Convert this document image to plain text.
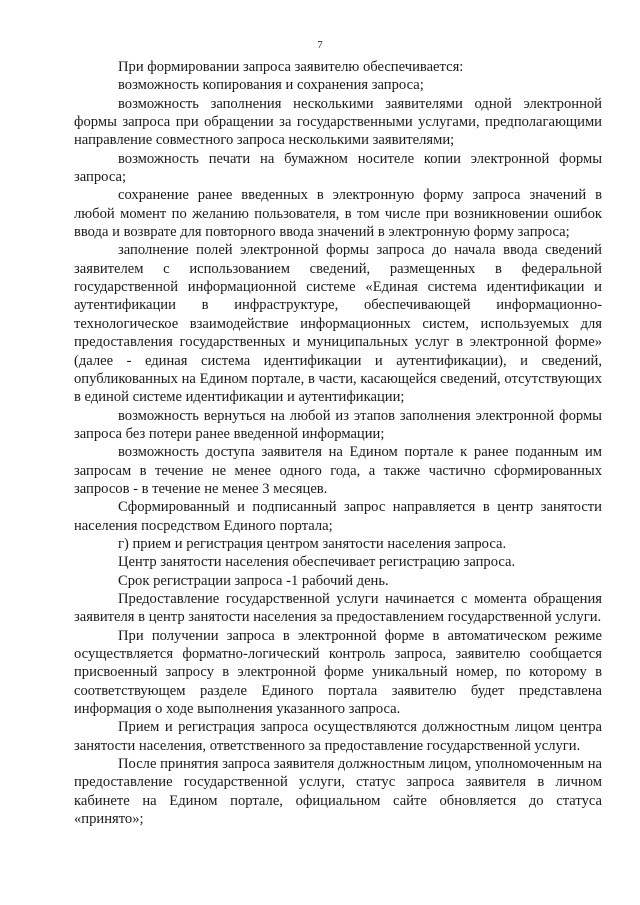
7

При формировании запроса заявителю обеспечивается:

возможность копирования и сохранения запроса;

возможность заполнения несколькими заявителями одной электронной формы запроса при обращении за государственными услугами, предполагающими направление совместного запроса несколькими заявителями;

возможность печати на бумажном носителе копии электронной формы запроса;

сохранение ранее введенных в электронную форму запроса значений в любой момент по желанию пользователя, в том числе при возникновении ошибок ввода и возврате для повторного ввода значений в электронную форму запроса;

заполнение полей электронной формы запроса до начала ввода сведений заявителем с использованием сведений, размещенных в федеральной государственной информационной системе «Единая система идентификации и аутентификации в инфраструктуре, обеспечивающей информационно-технологическое взаимодействие информационных систем, используемых для предоставления государственных и муниципальных услуг в электронной форме» (далее - единая система идентификации и аутентификации), и сведений, опубликованных на Едином портале, в части, касающейся сведений, отсутствующих в единой системе идентификации и аутентификации;

возможность вернуться на любой из этапов заполнения электронной формы запроса без потери ранее введенной информации;

возможность доступа заявителя на Едином портале к ранее поданным им запросам в течение не менее одного года, а также частично сформированных запросов - в течение не менее 3 месяцев.

Сформированный и подписанный запрос направляется в центр занятости населения посредством Единого портала;

г) прием и регистрация центром занятости населения запроса.

Центр занятости населения обеспечивает регистрацию запроса.

Срок регистрации запроса -1 рабочий день.

Предоставление государственной услуги начинается с момента обращения заявителя в центр занятости населения за предоставлением государственной услуги.

При получении запроса в электронной форме в автоматическом режиме осуществляется форматно-логический контроль запроса, заявителю сообщается присвоенный запросу в электронной форме уникальный номер, по которому в соответствующем разделе Единого портала заявителю будет представлена информация о ходе выполнения указанного запроса.

Прием и регистрация запроса осуществляются должностным лицом центра занятости населения, ответственного за предоставление государственной услуги.

После принятия запроса заявителя должностным лицом, уполномоченным на предоставление государственной услуги, статус запроса заявителя в личном кабинете на Едином портале, официальном сайте обновляется до статуса «принято»;
